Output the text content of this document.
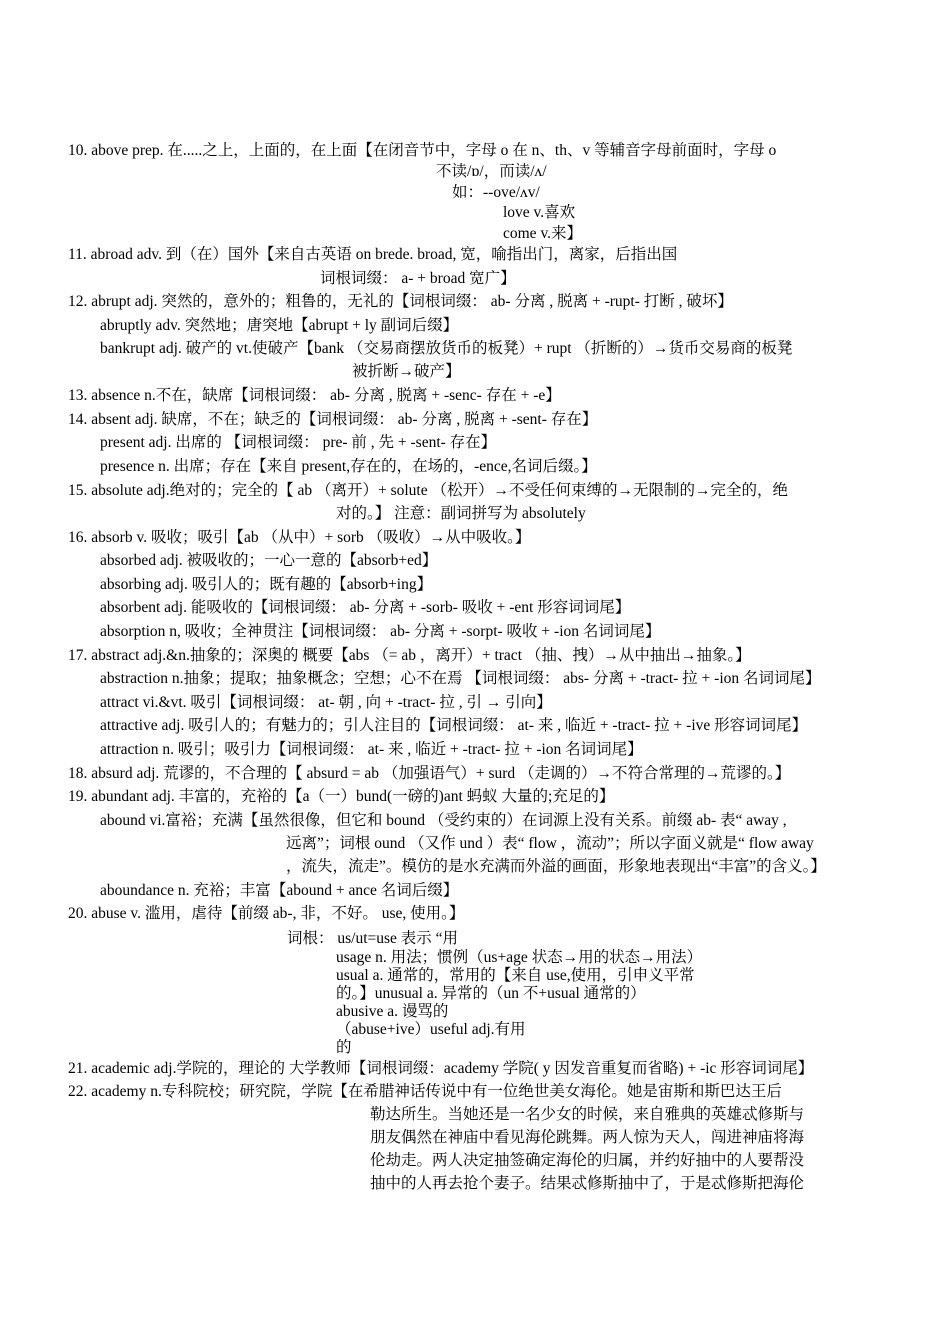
10. above prep. 在.....之上，上面的，在上面【在闭音节中，字母 o 在 n、th、v 等辅音字母前面时，字母 o
不读/ɒ/，而读/ʌ/
如：--ove/ʌv/
love v.喜欢
come v.来】
11. abroad adv. 到（在）国外【来自古英语 on brede. broad, 宽，喻指出门，离家，后指出国
词根词缀： a- + broad 宽广】
12. abrupt adj. 突然的，意外的；粗鲁的，无礼的【词根词缀： ab- 分离 , 脱离 + -rupt- 打断 , 破坏】
abruptly adv. 突然地；唐突地【abrupt + ly 副词后缀】
bankrupt adj. 破产的 vt.使破产【bank （交易商摆放货币的板凳）+ rupt （折断的）→货币交易商的板凳
被折断→破产】
13. absence n.不在，缺席【词根词缀： ab- 分离 , 脱离 + -senc- 存在 + -e】
14. absent adj. 缺席，不在；缺乏的【词根词缀： ab- 分离 , 脱离 + -sent- 存在】
present adj. 出席的 【词根词缀： pre- 前 , 先 + -sent- 存在】
presence n. 出席；存在【来自 present,存在的，在场的，-ence,名词后缀。】
15. absolute adj.绝对的；完全的【 ab （离开）+ solute （松开）→不受任何束缚的→无限制的→完全的，绝
对的。】 注意：副词拼写为 absolutely
16. absorb v. 吸收；吸引【ab （从中）+ sorb （吸收）→从中吸收。】
absorbed adj. 被吸收的；一心一意的【absorb+ed】
absorbing adj. 吸引人的；既有趣的【absorb+ing】
absorbent adj. 能吸收的【词根词缀： ab- 分离 + -sorb- 吸收 + -ent 形容词词尾】
absorption n, 吸收；全神贯注【词根词缀： ab- 分离 + -sorpt- 吸收 + -ion 名词词尾】
17. abstract adj.&n.抽象的；深奥的 概要【abs （= ab ，离开）+ tract （抽、拽）→从中抽出→抽象。】
abstraction n.抽象；提取；抽象概念；空想；心不在焉 【词根词缀： abs- 分离 + -tract- 拉 + -ion 名词词尾】
attract vi.&vt. 吸引【词根词缀： at- 朝 , 向 + -tract- 拉 , 引 → 引向】
attractive adj. 吸引人的；有魅力的；引人注目的【词根词缀： at- 来 , 临近 + -tract- 拉 + -ive 形容词词尾】
attraction n. 吸引；吸引力【词根词缀： at- 来 , 临近 + -tract- 拉 + -ion 名词词尾】
18. absurd adj. 荒谬的，不合理的【 absurd = ab （加强语气）+ surd （走调的）→不符合常理的→荒谬的。】
19. abundant adj. 丰富的，充裕的【a（一）bund(一磅的)ant 蚂蚁 大量的;充足的】
abound vi.富裕；充满【虽然很像，但它和 bound （受约束的）在词源上没有关系。前缀 ab- 表“ away ,
远离”；词根 ound （又作 und ）表“ flow ，流动”；所以字面义就是“ flow away
，流失，流走”。模仿的是水充满而外溢的画面，形象地表现出“丰富”的含义。】
aboundance n. 充裕；丰富【abound + ance 名词后缀】
20. abuse v. 滥用，虐待【前缀 ab-, 非，不好。 use, 使用。】
词根： us/ut=use 表示 “用
usage n. 用法；惯例（us+age 状态→用的状态→用法）
usual a. 通常的，常用的【来自 use,使用，引申义平常
的。】unusual a. 异常的（un 不+usual 通常的）
abusive a. 谩骂的
（abuse+ive）useful adj.有用
的
21. academic adj.学院的，理论的 大学教师【词根词缀：academy 学院( y 因发音重复而省略) + -ic 形容词词尾】
22. academy n.专科院校；研究院，学院【在希腊神话传说中有一位绝世美女海伦。她是宙斯和斯巴达王后
勒达所生。当她还是一名少女的时候，来自雅典的英雄忒修斯与
朋友偶然在神庙中看见海伦跳舞。两人惊为天人，闯进神庙将海
伦劫走。两人决定抽签确定海伦的归属，并约好抽中的人要帮没
抽中的人再去抢个妻子。结果忒修斯抽中了，于是忒修斯把海伦
